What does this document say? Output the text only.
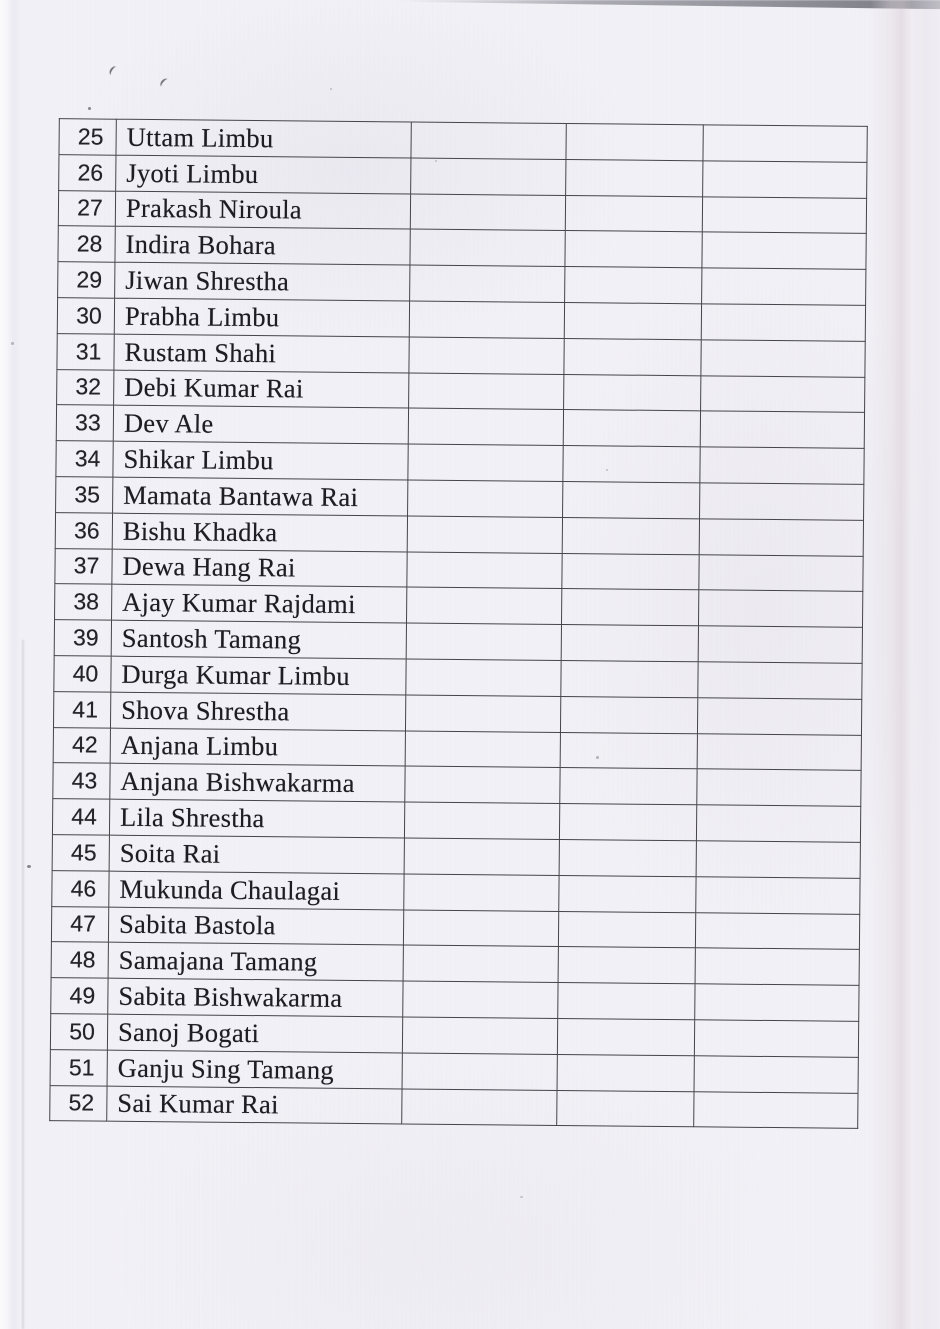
25	Uttam Limbu			
26	Jyoti Limbu			
27	Prakash Niroula			
28	Indira Bohara			
29	Jiwan Shrestha			
30	Prabha Limbu			
31	Rustam Shahi			
32	Debi Kumar Rai			
33	Dev Ale			
34	Shikar Limbu			
35	Mamata Bantawa Rai			
36	Bishu Khadka			
37	Dewa Hang Rai			
38	Ajay Kumar Rajdami			
39	Santosh Tamang			
40	Durga Kumar Limbu			
41	Shova Shrestha			
42	Anjana Limbu			
43	Anjana Bishwakarma			
44	Lila Shrestha			
45	Soita Rai			
46	Mukunda Chaulagai			
47	Sabita Bastola			
48	Samajana Tamang			
49	Sabita Bishwakarma			
50	Sanoj Bogati			
51	Ganju Sing Tamang			
52	Sai Kumar Rai			
